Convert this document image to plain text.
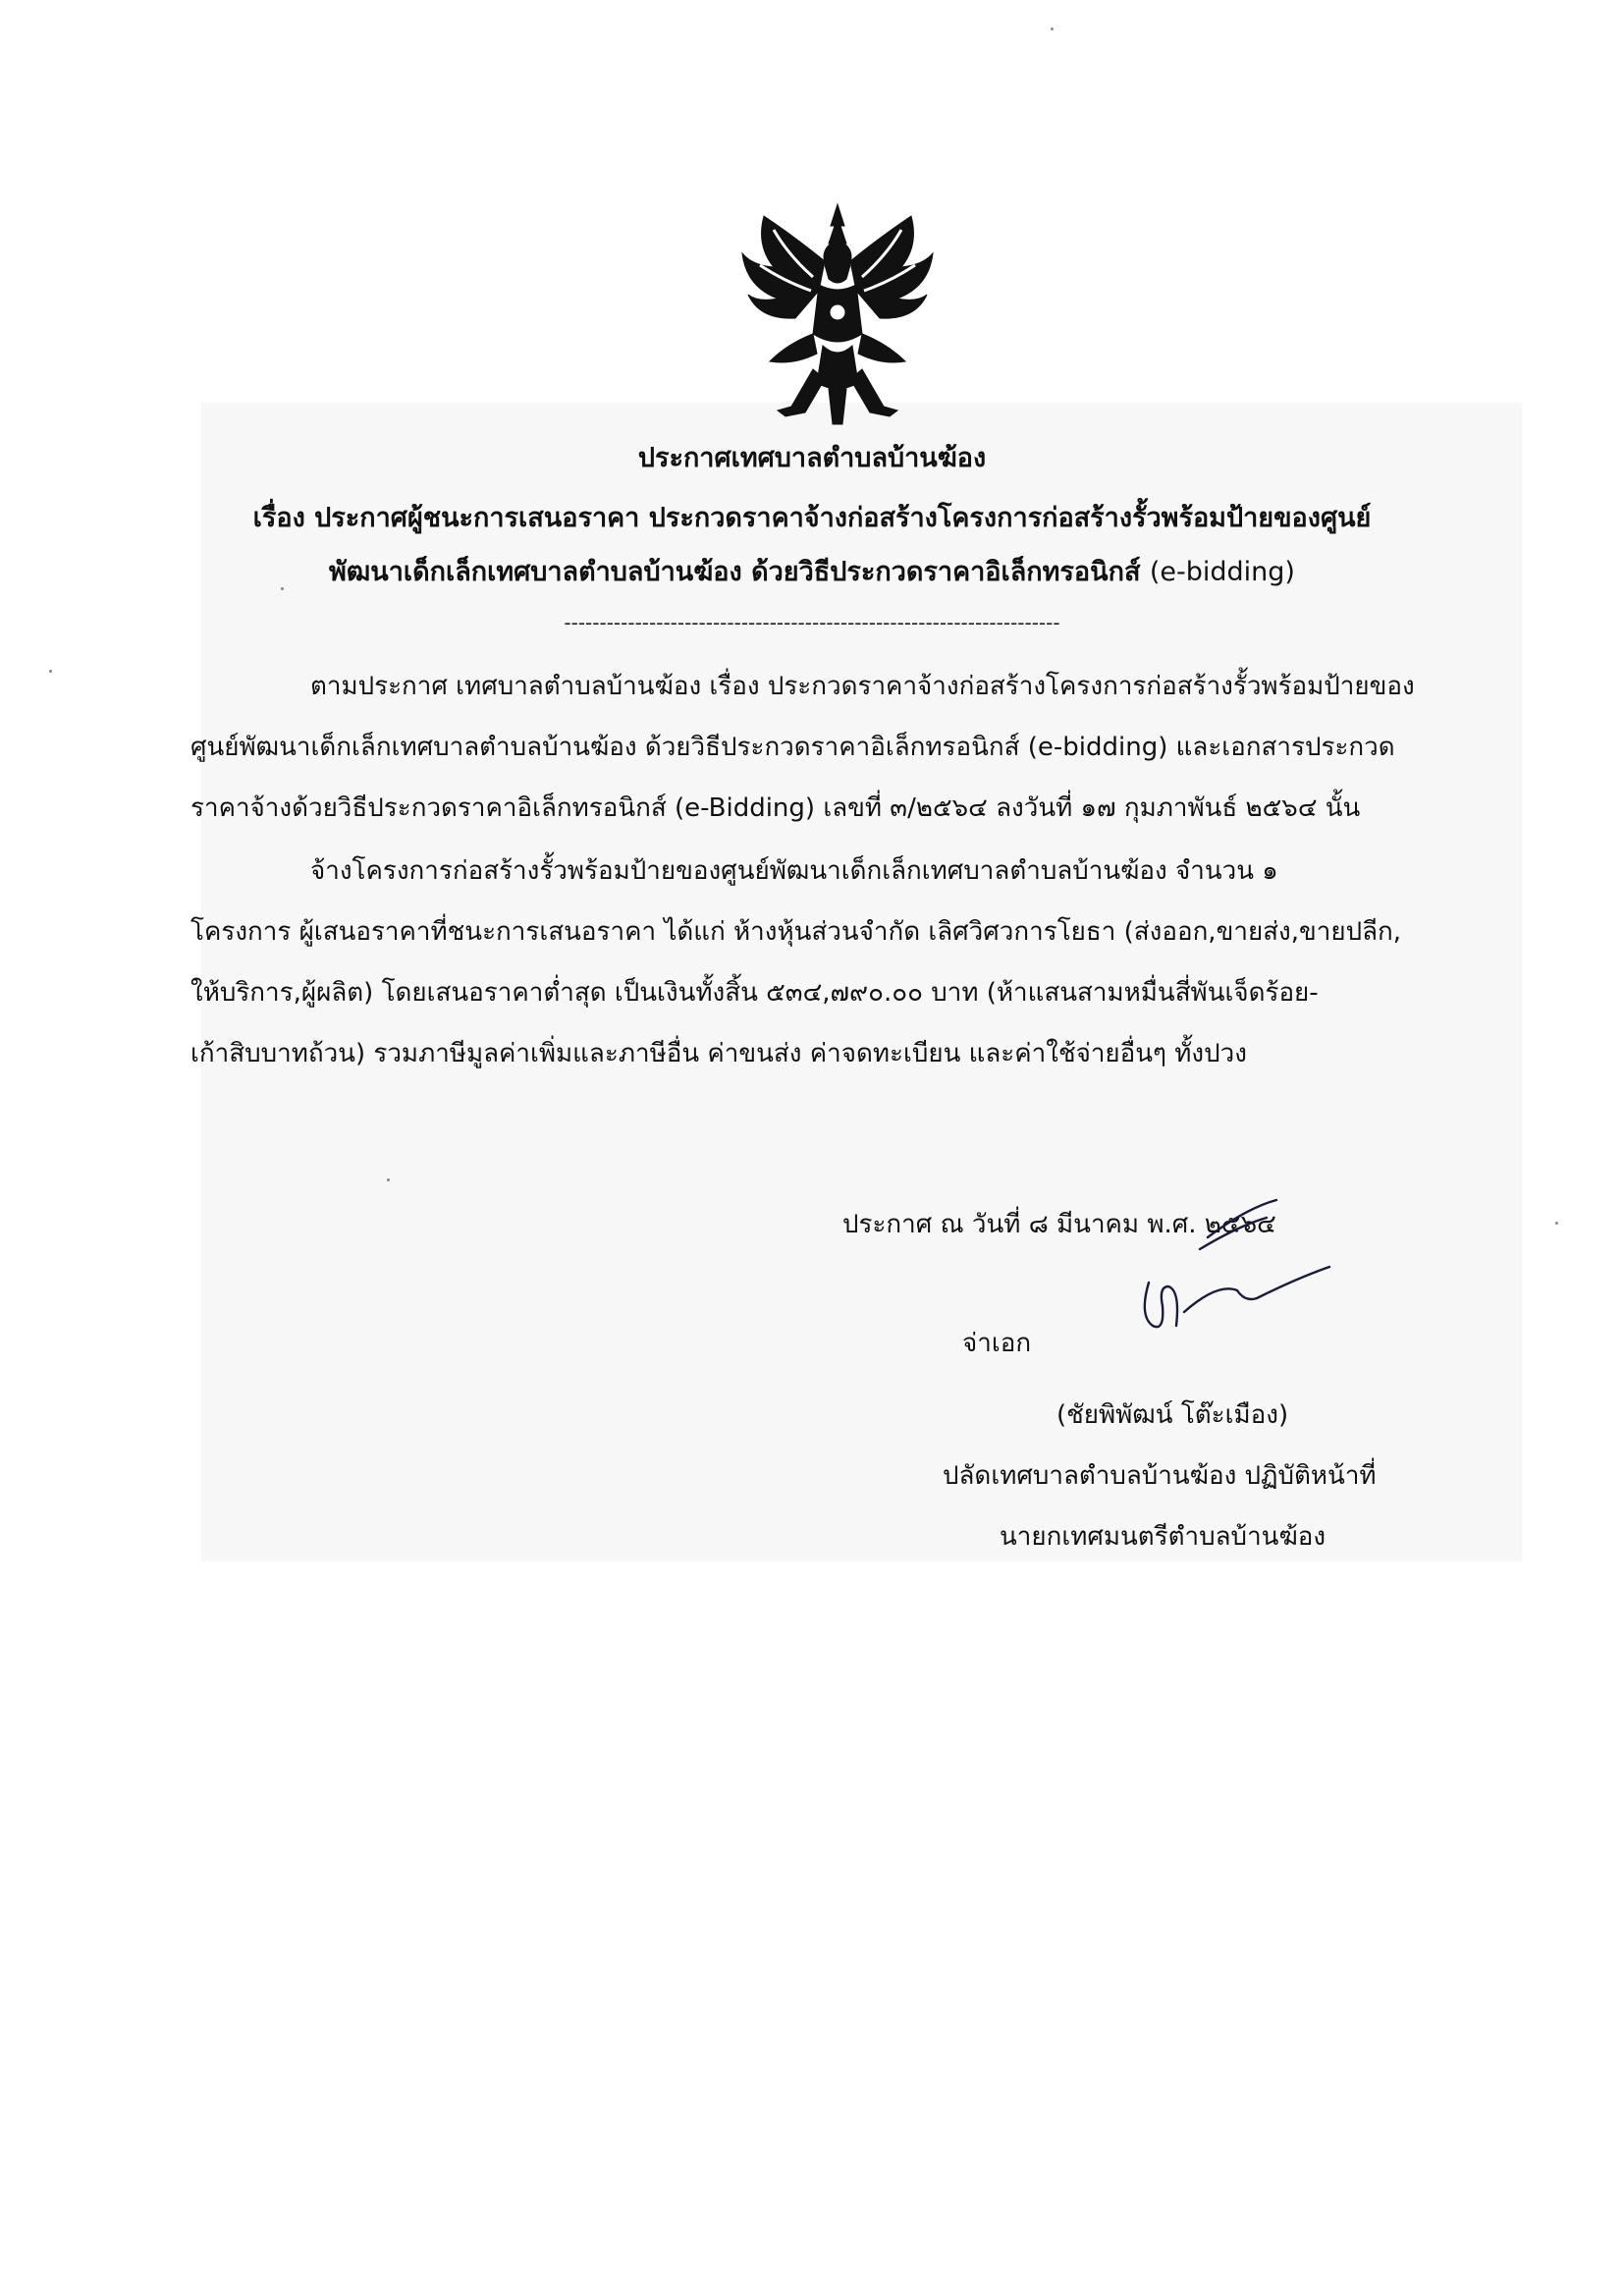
ประกาศเทศบาลตำบลบ้านฆ้อง
เรื่อง ประกาศผู้ชนะการเสนอราคา ประกวดราคาจ้างก่อสร้างโครงการก่อสร้างรั้วพร้อมป้ายของศูนย์
พัฒนาเด็กเล็กเทศบาลตำบลบ้านฆ้อง ด้วยวิธีประกวดราคาอิเล็กทรอนิกส์ (e-bidding)
----------------------------------------------------------------------
ตามประกาศ เทศบาลตำบลบ้านฆ้อง เรื่อง ประกวดราคาจ้างก่อสร้างโครงการก่อสร้างรั้วพร้อมป้ายของ
ศูนย์พัฒนาเด็กเล็กเทศบาลตำบลบ้านฆ้อง ด้วยวิธีประกวดราคาอิเล็กทรอนิกส์ (e-bidding) และเอกสารประกวด
ราคาจ้างด้วยวิธีประกวดราคาอิเล็กทรอนิกส์ (e-Bidding) เลขที่ ๓/๒๕๖๔ ลงวันที่ ๑๗ กุมภาพันธ์ ๒๕๖๔ นั้น
จ้างโครงการก่อสร้างรั้วพร้อมป้ายของศูนย์พัฒนาเด็กเล็กเทศบาลตำบลบ้านฆ้อง จำนวน ๑
โครงการ ผู้เสนอราคาที่ชนะการเสนอราคา ได้แก่ ห้างหุ้นส่วนจำกัด เลิศวิศวการโยธา (ส่งออก,ขายส่ง,ขายปลีก,
ให้บริการ,ผู้ผลิต) โดยเสนอราคาต่ำสุด เป็นเงินทั้งสิ้น ๕๓๔,๗๙๐.๐๐ บาท (ห้าแสนสามหมื่นสี่พันเจ็ดร้อย-
เก้าสิบบาทถ้วน) รวมภาษีมูลค่าเพิ่มและภาษีอื่น ค่าขนส่ง ค่าจดทะเบียน และค่าใช้จ่ายอื่นๆ ทั้งปวง
ประกาศ ณ วันที่ ๘ มีนาคม พ.ศ. ๒๕๖๔
จ่าเอก
(ชัยพิพัฒน์ โต๊ะเมือง)
ปลัดเทศบาลตำบลบ้านฆ้อง ปฏิบัติหน้าที่
นายกเทศมนตรีตำบลบ้านฆ้อง
